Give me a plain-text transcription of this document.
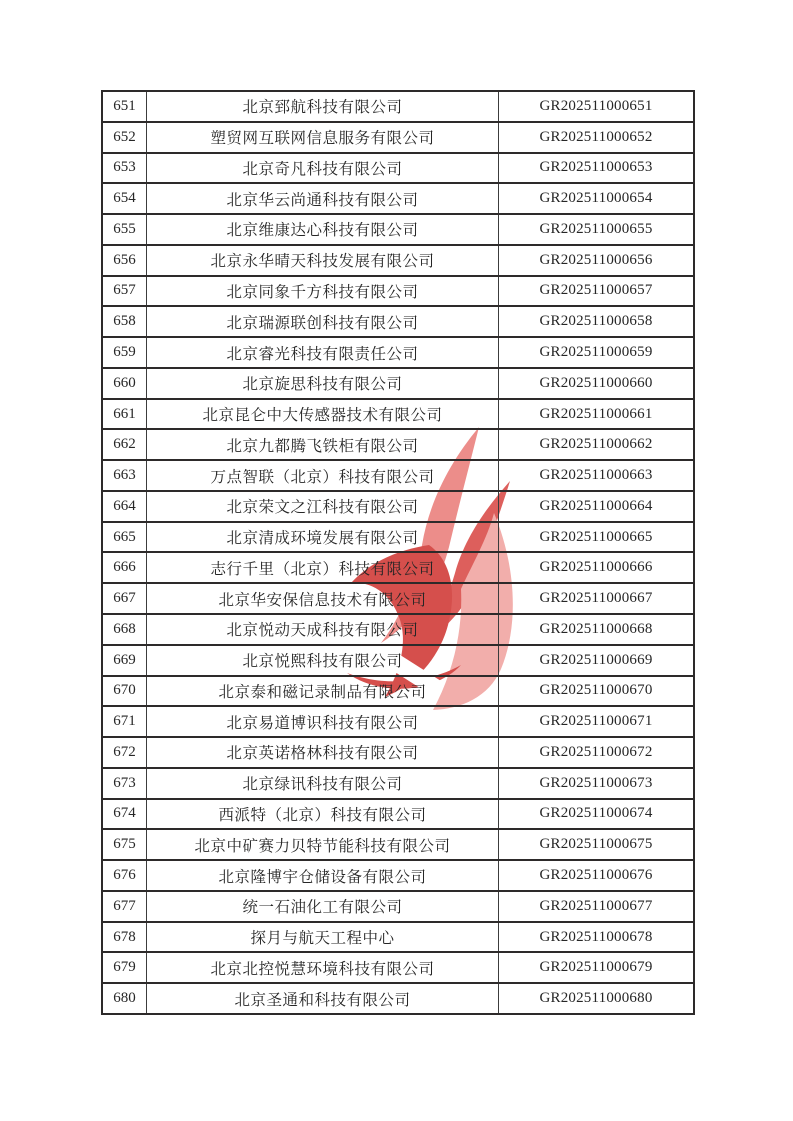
651	北京郅航科技有限公司	GR202511000651
652	塑贸网互联网信息服务有限公司	GR202511000652
653	北京奇凡科技有限公司	GR202511000653
654	北京华云尚通科技有限公司	GR202511000654
655	北京维康达心科技有限公司	GR202511000655
656	北京永华晴天科技发展有限公司	GR202511000656
657	北京同象千方科技有限公司	GR202511000657
658	北京瑞源联创科技有限公司	GR202511000658
659	北京睿光科技有限责任公司	GR202511000659
660	北京旋思科技有限公司	GR202511000660
661	北京昆仑中大传感器技术有限公司	GR202511000661
662	北京九都腾飞铁柜有限公司	GR202511000662
663	万点智联（北京）科技有限公司	GR202511000663
664	北京荣文之江科技有限公司	GR202511000664
665	北京清成环境发展有限公司	GR202511000665
666	志行千里（北京）科技有限公司	GR202511000666
667	北京华安保信息技术有限公司	GR202511000667
668	北京悦动天成科技有限公司	GR202511000668
669	北京悦熙科技有限公司	GR202511000669
670	北京泰和磁记录制品有限公司	GR202511000670
671	北京易道博识科技有限公司	GR202511000671
672	北京英诺格林科技有限公司	GR202511000672
673	北京绿讯科技有限公司	GR202511000673
674	西派特（北京）科技有限公司	GR202511000674
675	北京中矿赛力贝特节能科技有限公司	GR202511000675
676	北京隆博宇仓储设备有限公司	GR202511000676
677	统一石油化工有限公司	GR202511000677
678	探月与航天工程中心	GR202511000678
679	北京北控悦慧环境科技有限公司	GR202511000679
680	北京圣通和科技有限公司	GR202511000680
